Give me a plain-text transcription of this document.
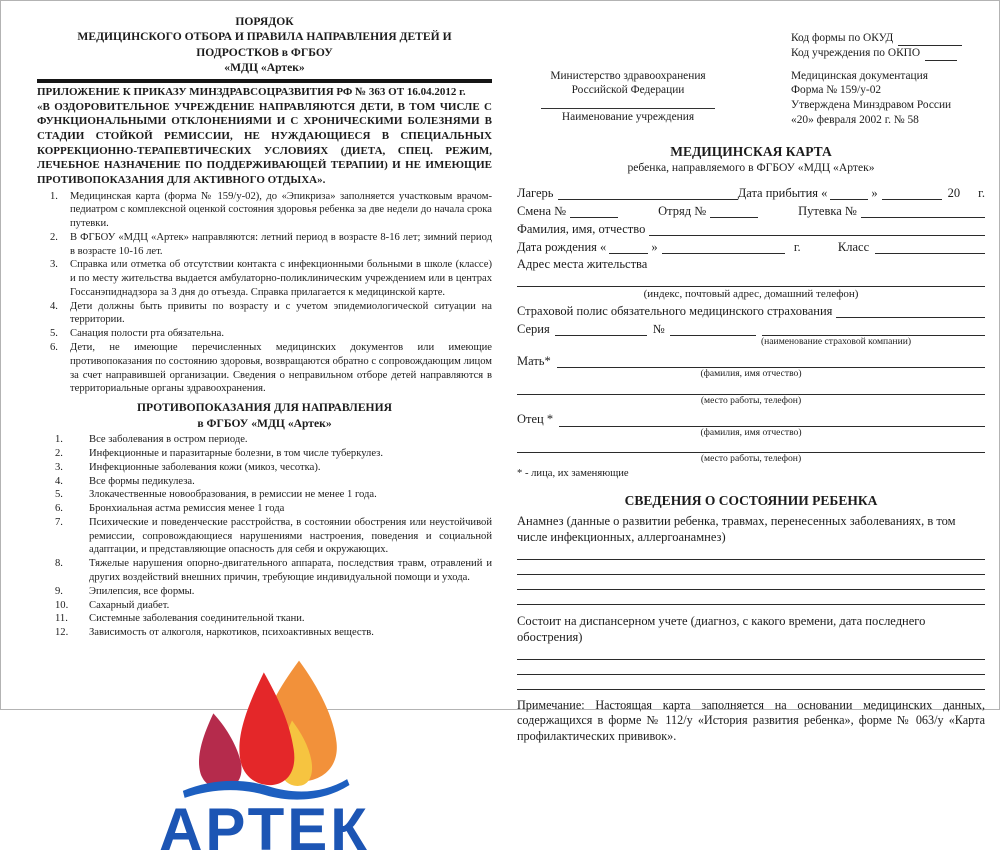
ПОРЯДОК
МЕДИЦИНСКОГО ОТБОРА И ПРАВИЛА НАПРАВЛЕНИЯ ДЕТЕЙ И ПОДРОСТКОВ в ФГБОУ
«МДЦ «Артек»
ПРИЛОЖЕНИЕ К ПРИКАЗУ МИНЗДРАВСОЦРАЗВИТИЯ РФ № 363 ОТ 16.04.2012 г.
«В ОЗДОРОВИТЕЛЬНОЕ УЧРЕЖДЕНИЕ НАПРАВЛЯЮТСЯ ДЕТИ, В ТОМ ЧИСЛЕ С ФУНКЦИОНАЛЬНЫМИ ОТКЛОНЕНИЯМИ И С ХРОНИЧЕСКИМИ БОЛЕЗНЯМИ В СТАДИИ СТОЙКОЙ РЕМИССИИ, НЕ НУЖДАЮЩИЕСЯ В СПЕЦИАЛЬНЫХ КОРРЕКЦИОННО-ТЕРАПЕВТИЧЕСКИХ УСЛОВИЯХ (ДИЕТА, СПЕЦ. РЕЖИМ, ЛЕЧЕБНОЕ НАЗНАЧЕНИЕ ПО ПОДДЕРЖИВАЮЩЕЙ ТЕРАПИИ) И НЕ ИМЕЮЩИЕ ПРОТИВОПОКАЗАНИЯ ДЛЯ АКТИВНОГО ОТДЫХА».
1.	Медицинская карта (форма № 159/у-02), до «Эпикриза» заполняется участковым врачом-педиатром с комплексной оценкой состояния здоровья ребенка за две недели до начала срока путевки.
2.	В ФГБОУ «МДЦ «Артек» направляются: летний период в возрасте 8-16 лет; зимний период в возрасте 10-16 лет.
3.	Справка или отметка об отсутствии контакта с инфекционными больными в школе (классе) и по месту жительства выдается амбулаторно-поликлиническим учреждением или в центрах Госсанэпиднадзора за 3 дня до отъезда. Справка прилагается к медицинской карте.
4.	Дети должны быть привиты по возрасту и с учетом эпидемиологической ситуации на территории.
5.	Санация полости рта обязательна.
6.	Дети, не имеющие перечисленных медицинских документов или имеющие противопоказания по состоянию здоровья, возвращаются обратно с сопровождающим лицом за счет направившей организации. Сведения о неправильном отборе детей направляются в территориальные органы здравоохранения.
ПРОТИВОПОКАЗАНИЯ ДЛЯ НАПРАВЛЕНИЯ
в ФГБОУ «МДЦ «Артек»
1.	Все заболевания в остром периоде.
2.	Инфекционные и паразитарные болезни, в том числе туберкулез.
3.	Инфекционные заболевания кожи (микоз, чесотка).
4.	Все формы педикулеза.
5.	Злокачественные новообразования, в ремиссии не менее 1 года.
6.	Бронхиальная астма ремиссия менее 1 года
7.	Психические и поведенческие расстройства, в состоянии обострения или неустойчивой ремиссии, сопровождающиеся нарушениями настроения, поведения и социальной адаптации, и представляющие опасность для себя и окружающих.
8.	Тяжелые нарушения опорно-двигательного аппарата, последствия травм, отравлений и других воздействий внешних причин, требующие индивидуальной помощи и ухода.
9.	Эпилепсия, все формы.
10.	Сахарный диабет.
11.	Системные заболевания соединительной ткани.
12.	Зависимость от алкоголя, наркотиков, психоактивных веществ.
АРТЕК
Код формы по ОКУД
Код учреждения по ОКПО
Министерство здравоохранения
Российской Федерации
Наименование учреждения
Медицинская документация
Форма № 159/у-02
Утверждена Минздравом России
«20» февраля 2002 г. № 58
МЕДИЦИНСКАЯ КАРТА
ребенка, направляемого в ФГБОУ «МДЦ «Артек»
Лагерь	Дата прибытия «	»	20 г.
Смена №	Отряд №	Путевка №
Фамилия, имя, отчество
Дата рождения «	»	г.	Класс
Адрес места жительства
(индекс, почтовый адрес, домашний телефон)
Страховой полис обязательного медицинского страхования
Серия	№
(наименование страховой компании)
Мать*
(фамилия, имя отчество)
(место работы, телефон)
Отец *
(фамилия, имя отчество)
(место работы, телефон)
* - лица, их заменяющие
СВЕДЕНИЯ О СОСТОЯНИИ РЕБЕНКА
Анамнез (данные о развитии ребенка, травмах, перенесенных заболеваниях, в том числе инфекционных, аллергоанамнез)
Состоит на диспансерном учете (диагноз, с какого времени, дата последнего обострения)
Примечание: Настоящая карта заполняется на основании медицинских данных, содержащихся в форме № 112/у «История развития ребенка», форме № 063/у «Карта профилактических прививок».
